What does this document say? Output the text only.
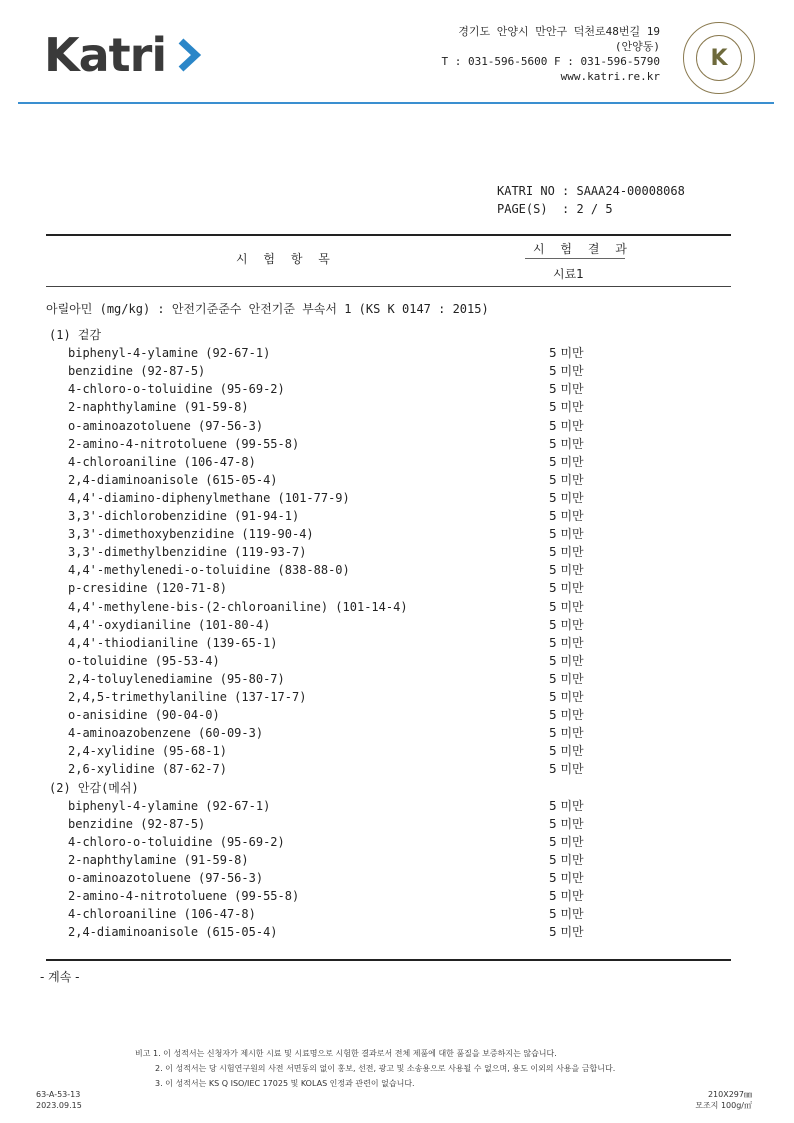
Katri	경기도 안양시 만안구 덕천로48번길 19
(안양동)
T : 031-596-5600 F : 031-596-5790
www.katri.re.kr
K
KATRI NO : SAAA24-00008068
PAGE(S) : 2 / 5
시 험 항 목
시 험 결 과
시료1
아릴아민 (mg/kg) : 안전기준준수 안전기준 부속서 1 (KS K 0147 : 2015)
(1) 겉감
biphenyl-4-ylamine (92-67-1)	5 미만
benzidine (92-87-5)	5 미만
4-chloro-o-toluidine (95-69-2)	5 미만
2-naphthylamine (91-59-8)	5 미만
o-aminoazotoluene (97-56-3)	5 미만
2-amino-4-nitrotoluene (99-55-8)	5 미만
4-chloroaniline (106-47-8)	5 미만
2,4-diaminoanisole (615-05-4)	5 미만
4,4'-diamino-diphenylmethane (101-77-9)	5 미만
3,3'-dichlorobenzidine (91-94-1)	5 미만
3,3'-dimethoxybenzidine (119-90-4)	5 미만
3,3'-dimethylbenzidine (119-93-7)	5 미만
4,4'-methylenedi-o-toluidine (838-88-0)	5 미만
p-cresidine (120-71-8)	5 미만
4,4'-methylene-bis-(2-chloroaniline) (101-14-4)	5 미만
4,4'-oxydianiline (101-80-4)	5 미만
4,4'-thiodianiline (139-65-1)	5 미만
o-toluidine (95-53-4)	5 미만
2,4-toluylenediamine (95-80-7)	5 미만
2,4,5-trimethylaniline (137-17-7)	5 미만
o-anisidine (90-04-0)	5 미만
4-aminoazobenzene (60-09-3)	5 미만
2,4-xylidine (95-68-1)	5 미만
2,6-xylidine (87-62-7)	5 미만
(2) 안감(메쉬)
biphenyl-4-ylamine (92-67-1)	5 미만
benzidine (92-87-5)	5 미만
4-chloro-o-toluidine (95-69-2)	5 미만
2-naphthylamine (91-59-8)	5 미만
o-aminoazotoluene (97-56-3)	5 미만
2-amino-4-nitrotoluene (99-55-8)	5 미만
4-chloroaniline (106-47-8)	5 미만
2,4-diaminoanisole (615-05-4)	5 미만
- 계속 -
비고 1. 이 성적서는 신청자가 제시한 시료 및 시료명으로 시험한 결과로서 전체 제품에 대한 품질을 보증하지는 않습니다.
2. 이 성적서는 당 시험연구원의 사전 서면동의 없이 홍보, 선전, 광고 및 소송용으로 사용될 수 없으며, 용도 이외의 사용을 금합니다.
3. 이 성적서는 KS Q ISO/IEC 17025 및 KOLAS 인정과 관련이 없습니다.
63-A-53-13
2023.09.15
210X297㎜
모조지 100g/㎡
